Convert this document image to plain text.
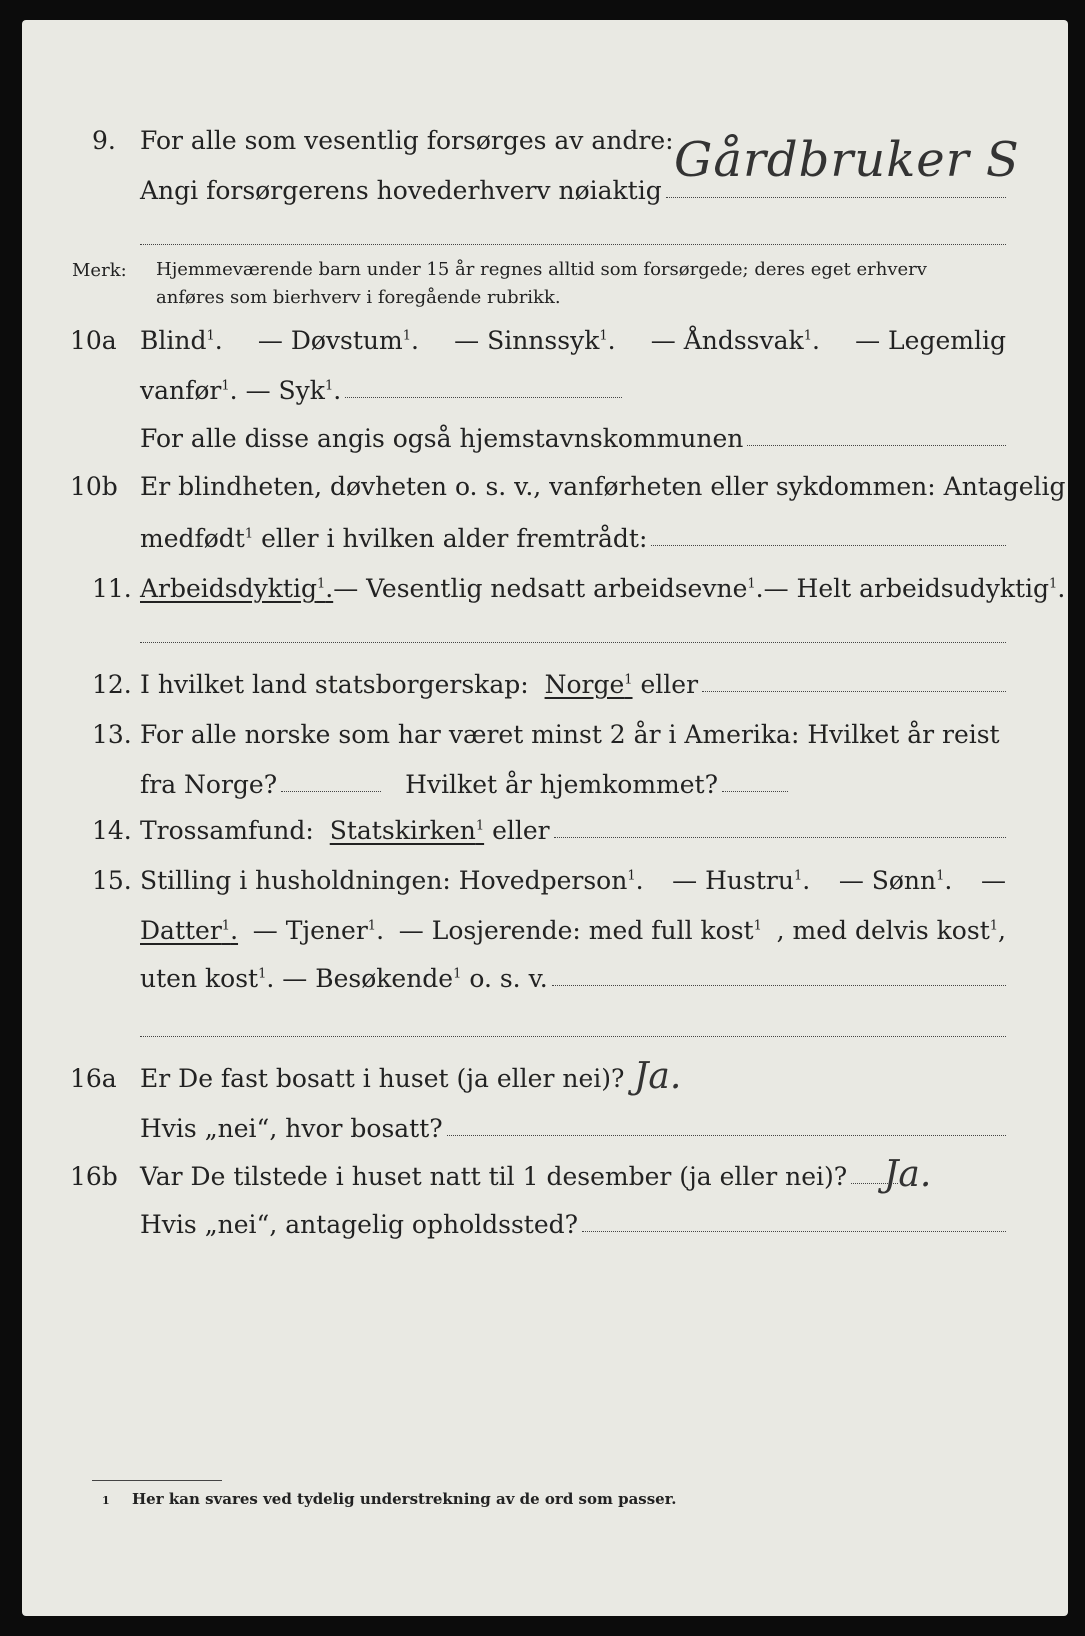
9. For alle som vesentlig forsørges av andre: Gårdbruker S
Angi forsørgerens hovederhverv nøiaktig
Merk: Hjemmeværende barn under 15 år regnes alltid som forsørgede; deres eget erhverv
anføres som bierhverv i foregående rubrikk.
10a Blind$^1$. — Døvstum$^1$. — Sinnssyk$^1$. — Åndssvak$^1$. — Legemlig
vanfør$^1$.
— Syk$^1$.
For alle disse angis også hjemstavnskommunen
10b Er blindheten, døvheten o. s. v., vanførheten eller sykdommen: Antagelig
medfødt$^1$
eller i hvilken alder fremtrådt:
11. Arbeidsdyktig$^1$. — Vesentlig nedsatt arbeidsevne$^1$. — Helt arbeidsudyktig$^1$.
12. I hvilket land statsborgerskap:
Norge$^1$
eller
13. For alle norske som har været minst 2 år i Amerika: Hvilket år reist
fra Norge?	Hvilket år hjemkommet?
14. Trossamfund:
Statskirken$^1$
eller
15. Stilling i husholdningen: Hovedperson$^1$. — Hustru$^1$. — Sønn$^1$. —
Datter$^1$. — Tjener$^1$. — Losjerende: med full kost$^1$ , med delvis kost$^1$,
uten kost$^1$.
— Besøkende$^1$
o. s. v.
16a Er De fast bosatt i huset (ja eller nei)? Ja.
Hvis „nei“, hvor bosatt?
16b Var De tilstede i huset natt til 1 desember (ja eller nei)? Ja.
Hvis „nei“, antagelig opholdssted?
1 Her kan svares ved tydelig understrekning av de ord som passer.
